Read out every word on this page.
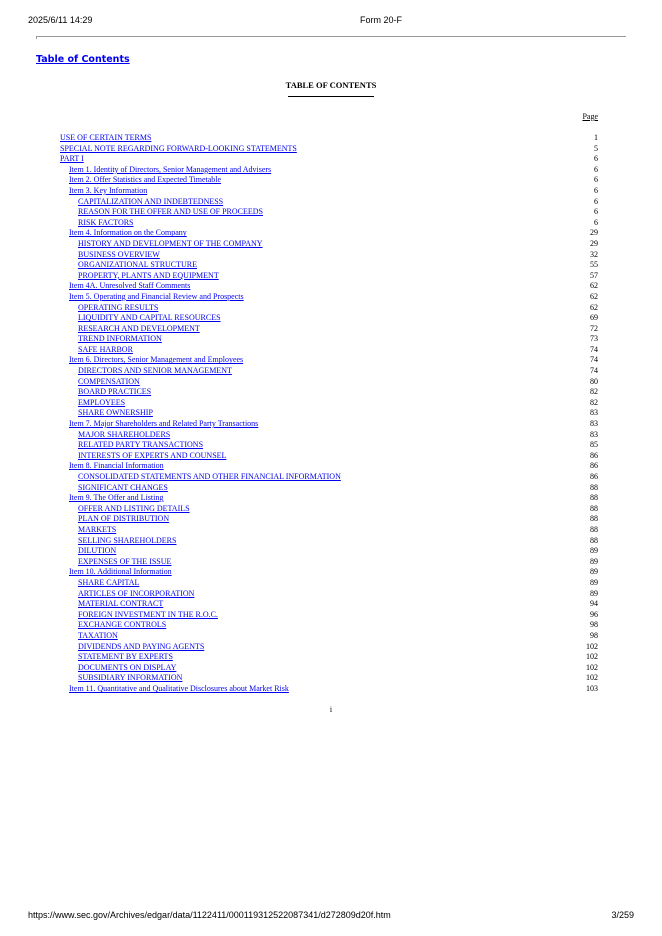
2025/6/11 14:29	Form 20-F
Table of Contents
TABLE OF CONTENTS
Page
USE OF CERTAIN TERMS	1
SPECIAL NOTE REGARDING FORWARD-LOOKING STATEMENTS	5
PART I	6
Item 1. Identity of Directors, Senior Management and Advisers	6
Item 2. Offer Statistics and Expected Timetable	6
Item 3. Key Information	6
CAPITALIZATION AND INDEBTEDNESS	6
REASON FOR THE OFFER AND USE OF PROCEEDS	6
RISK FACTORS	6
Item 4. Information on the Company	29
HISTORY AND DEVELOPMENT OF THE COMPANY	29
BUSINESS OVERVIEW	32
ORGANIZATIONAL STRUCTURE	55
PROPERTY, PLANTS AND EQUIPMENT	57
Item 4A. Unresolved Staff Comments	62
Item 5. Operating and Financial Review and Prospects	62
OPERATING RESULTS	62
LIQUIDITY AND CAPITAL RESOURCES	69
RESEARCH AND DEVELOPMENT	72
TREND INFORMATION	73
SAFE HARBOR	74
Item 6. Directors, Senior Management and Employees	74
DIRECTORS AND SENIOR MANAGEMENT	74
COMPENSATION	80
BOARD PRACTICES	82
EMPLOYEES	82
SHARE OWNERSHIP	83
Item 7. Major Shareholders and Related Party Transactions	83
MAJOR SHAREHOLDERS	83
RELATED PARTY TRANSACTIONS	85
INTERESTS OF EXPERTS AND COUNSEL	86
Item 8. Financial Information	86
CONSOLIDATED STATEMENTS AND OTHER FINANCIAL INFORMATION	86
SIGNIFICANT CHANGES	88
Item 9. The Offer and Listing	88
OFFER AND LISTING DETAILS	88
PLAN OF DISTRIBUTION	88
MARKETS	88
SELLING SHAREHOLDERS	88
DILUTION	89
EXPENSES OF THE ISSUE	89
Item 10. Additional Information	89
SHARE CAPITAL	89
ARTICLES OF INCORPORATION	89
MATERIAL CONTRACT	94
FOREIGN INVESTMENT IN THE R.O.C.	96
EXCHANGE CONTROLS	98
TAXATION	98
DIVIDENDS AND PAYING AGENTS	102
STATEMENT BY EXPERTS	102
DOCUMENTS ON DISPLAY	102
SUBSIDIARY INFORMATION	102
Item 11. Quantitative and Qualitative Disclosures about Market Risk	103
i
https://www.sec.gov/Archives/edgar/data/1122411/000119312522087341/d272809d20f.htm	3/259
